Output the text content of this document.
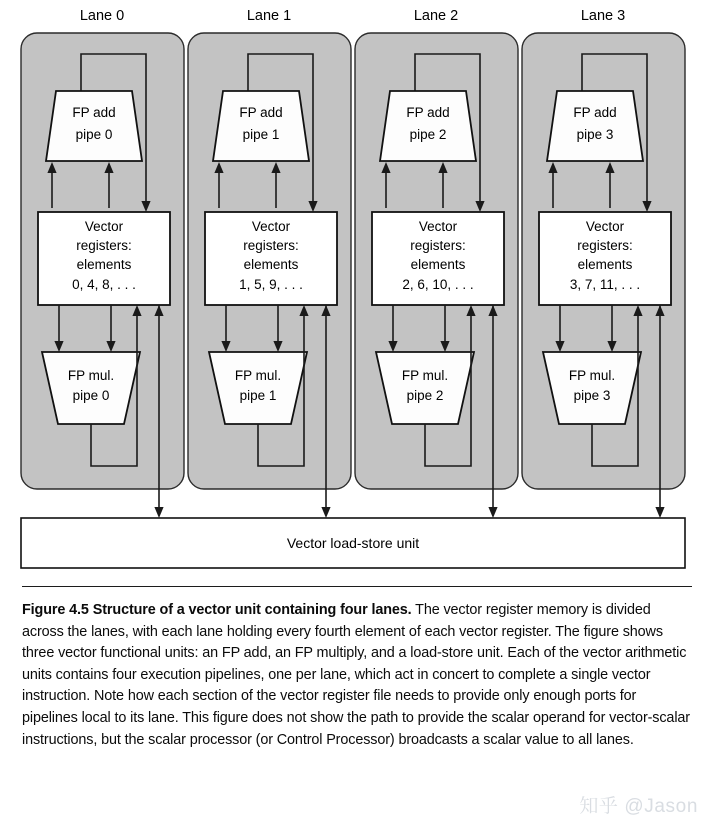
FP add
pipe 0
Vector
registers:
elements
0, 4, 8, . . .
FP mul.
pipe 0
Lane 0
FP add
pipe 1
Vector
registers:
elements
1, 5, 9, . . .
FP mul.
pipe 1
Lane 1
FP add
pipe 2
Vector
registers:
elements
2, 6, 10, . . .
FP mul.
pipe 2
Lane 2
FP add
pipe 3
Vector
registers:
elements
3, 7, 11, . . .
FP mul.
pipe 3
Lane 3
Vector load-store unit
Figure 4.5 Structure of a vector unit containing four lanes. The vector register memory is divided across the lanes, with each lane holding every fourth element of each vector register. The figure shows three vector functional units: an FP add, an FP multiply, and a load-store unit. Each of the vector arithmetic units contains four execution pipelines, one per lane, which act in concert to complete a single vector instruction. Note how each section of the vector register file needs to provide only enough ports for pipelines local to its lane. This figure does not show the path to provide the scalar operand for vector-scalar instructions, but the scalar processor (or Control Processor) broadcasts a scalar value to all lanes.
知乎 @Jason
